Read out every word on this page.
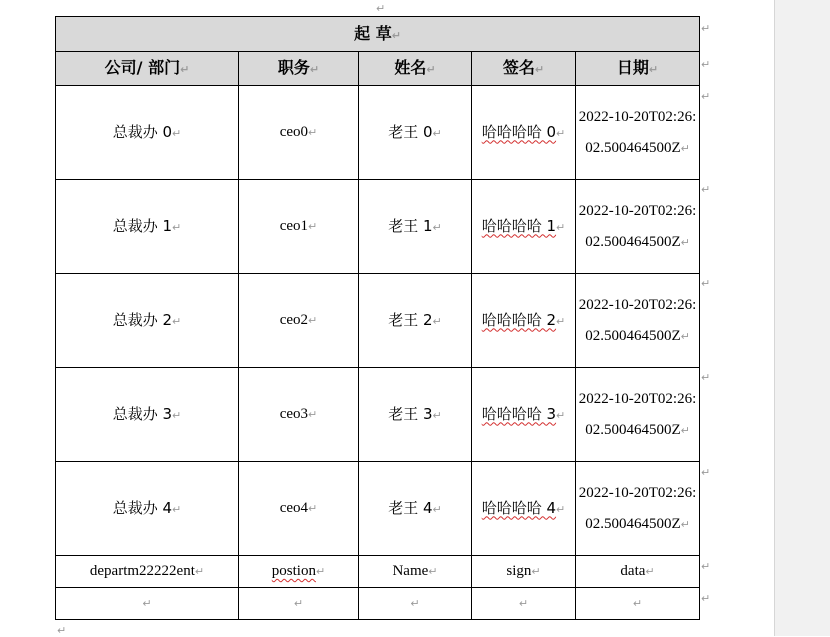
↵
起 草↵				
公司/ 部门↵	职务↵	姓名↵	签名↵	日期↵
总裁办 0↵	ceo0↵	老王 0↵	哈哈哈哈 0↵	2022-10-20T02:26:02.500464500Z↵
总裁办 1↵	ceo1↵	老王 1↵	哈哈哈哈 1↵	2022-10-20T02:26:02.500464500Z↵
总裁办 2↵	ceo2↵	老王 2↵	哈哈哈哈 2↵	2022-10-20T02:26:02.500464500Z↵
总裁办 3↵	ceo3↵	老王 3↵	哈哈哈哈 3↵	2022-10-20T02:26:02.500464500Z↵
总裁办 4↵	ceo4↵	老王 4↵	哈哈哈哈 4↵	2022-10-20T02:26:02.500464500Z↵
departm22222ent↵	postion↵	Name↵	sign↵	data↵
↵	↵	↵	↵	↵
↵
↵
↵
↵
↵
↵
↵
↵
↵
↵
